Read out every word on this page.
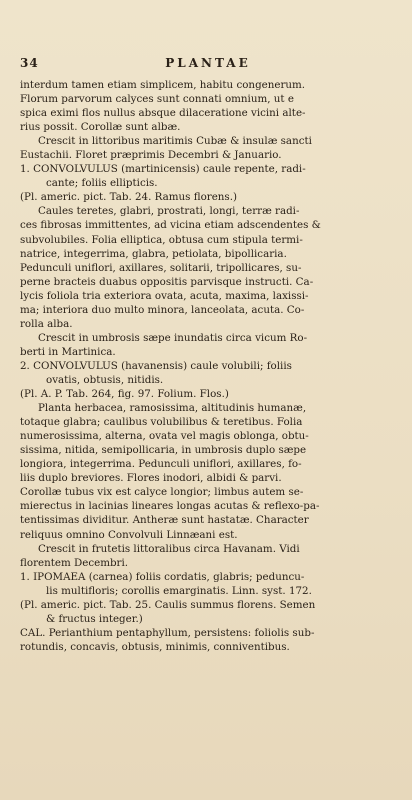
34	PLANTAE
interdum tamen etiam simplicem, habitu congenerum.
Florum parvorum calyces sunt connati omnium, ut e
spica eximi flos nullus absque dilaceratione vicini alte-
rius possit. Corollæ sunt albæ.
Crescit in littoribus maritimis Cubæ & insulæ sancti
Eustachii. Floret præprimis Decembri & Januario.
1. CONVOLVULUS (martinicensis) caule repente, radi-
cante; foliis ellipticis.
(Pl. americ. pict. Tab. 24. Ramus florens.)
Caules teretes, glabri, prostrati, longi, terræ radi-
ces fibrosas immittentes, ad vicina etiam adscendentes &
subvolubiles. Folia elliptica, obtusa cum stipula termi-
natrice, integerrima, glabra, petiolata, bipollicaria.
Pedunculi uniflori, axillares, solitarii, tripollicares, su-
perne bracteis duabus oppositis parvisque instructi. Ca-
lycis foliola tria exteriora ovata, acuta, maxima, laxissi-
ma; interiora duo multo minora, lanceolata, acuta. Co-
rolla alba.
Crescit in umbrosis sæpe inundatis circa vicum Ro-
berti in Martinica.
2. CONVOLVULUS (havanensis) caule volubili; foliis
ovatis, obtusis, nitidis.
(Pl. A. P. Tab. 264, fig. 97. Folium. Flos.)
Planta herbacea, ramosissima, altitudinis humanæ,
totaque glabra; caulibus volubilibus & teretibus. Folia
numerosissima, alterna, ovata vel magis oblonga, obtu-
sissima, nitida, semipollicaria, in umbrosis duplo sæpe
longiora, integerrima. Pedunculi uniflori, axillares, fo-
liis duplo breviores. Flores inodori, albidi & parvi.
Corollæ tubus vix est calyce longior; limbus autem se-
mierectus in lacinias lineares longas acutas & reflexo-pa-
tentissimas dividitur. Antheræ sunt hastatæ. Character
reliquus omnino Convolvuli Linnæani est.
Crescit in frutetis littoralibus circa Havanam. Vidi
florentem Decembri.
1. IPOMAEA (carnea) foliis cordatis, glabris; peduncu-
lis multifloris; corollis emarginatis. Linn. syst. 172.
(Pl. americ. pict. Tab. 25. Caulis summus florens. Semen
& fructus integer.)
CAL. Perianthium pentaphyllum, persistens: foliolis sub-
rotundis, concavis, obtusis, minimis, conniventibus.
